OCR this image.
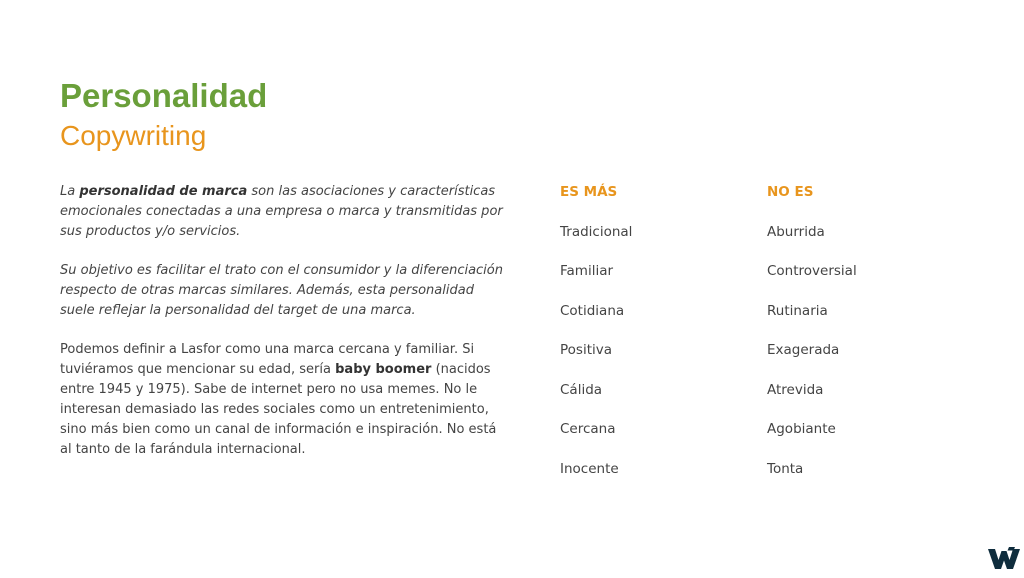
Personalidad
Copywriting

La personalidad de marca son las asociaciones y características emocionales conectadas a una empresa o marca y transmitidas por sus productos y/o servicios.

Su objetivo es facilitar el trato con el consumidor y la diferenciación respecto de otras marcas similares. Además, esta personalidad suele reflejar la personalidad del target de una marca.

Podemos definir a Lasfor como una marca cercana y familiar. Si tuviéramos que mencionar su edad, sería baby boomer (nacidos entre 1945 y 1975). Sabe de internet pero no usa memes. No le interesan demasiado las redes sociales como un entretenimiento, sino más bien como un canal de información e inspiración. No está al tanto de la farándula internacional.

ES MÁS
Tradicional
Familiar
Cotidiana
Positiva
Cálida
Cercana
Inocente
NO ES
Aburrida
Controversial
Rutinaria
Exagerada
Atrevida
Agobiante
Tonta
